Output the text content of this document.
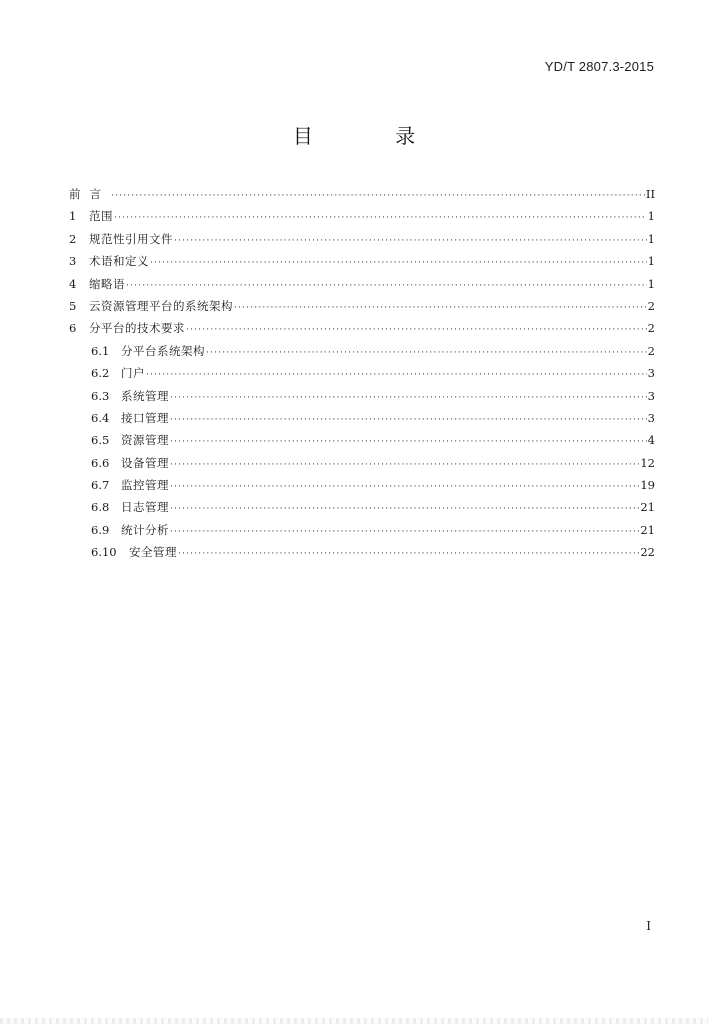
YD/T 2807.3-2015
目 录
前言 ·····	II
1	范围 ·····	1
2	规范性引用文件 ·····	1
3	术语和定义 ·····	1
4	缩略语 ·····	1
5	云资源管理平台的系统架构 ·····	2
6	分平台的技术要求 ·····	2
6.1	分平台系统架构 ·····	2
6.2	门户 ·····	3
6.3	系统管理 ·····	3
6.4	接口管理 ·····	3
6.5	资源管理 ·····	4
6.6	设备管理 ·····	12
6.7	监控管理 ·····	19
6.8	日志管理 ·····	21
6.9	统计分析 ·····	21
6.10	安全管理 ·····	22
I
